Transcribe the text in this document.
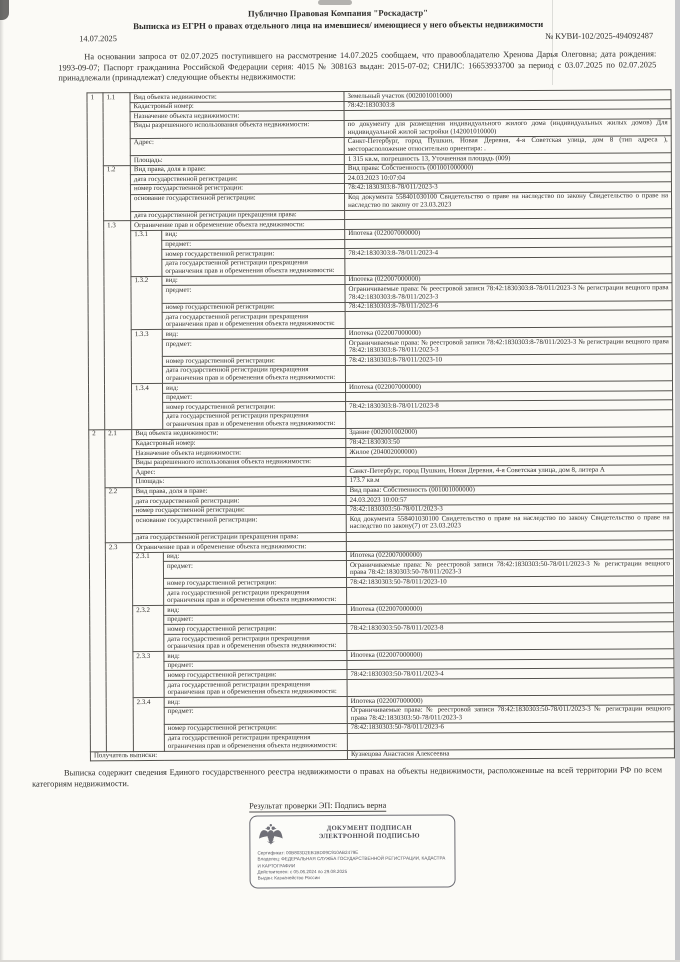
Публично Правовая Компания "Роскадастр"
Выписка из ЕГРН о правах отдельного лица на имевшиеся/ имеющиеся у него объекты недвижимости
14.07.2025	№ КУВИ-102/2025-494092487
На основании запроса от 02.07.2025 поступившего на рассмотрение 14.07.2025 сообщаем, что правообладателю Хренова Дарья Олеговна; дата рождения: 1993-09-07; Паспорт гражданина Российской Федерации серия: 4015 № 308163 выдан: 2015-07-02; СНИЛС: 16653933700 за период с 03.07.2025 по 02.07.2025 принадлежали (принадлежат) следующие объекты недвижимости:
1	1.1	Вид объекта недвижимости:		Земельный участок (002001001000)
		Кадастровый номер:		78:42:1830303:8
		Назначение объекта недвижимости:		
		Виды разрешенного использования объекта недвижимости:		по документу для размещения индивидуального жилого дома (индивидуальных жилых домов) Для индивидуальной жилой застройки (142001010000)
		Адрес:		Санкт-Петербург, город Пушкин, Новая Деревня, 4-я Советская улица, дом 8 (тип адреса ), месторасположение относительно ориентира: .
		Площадь:		1 315 кв.м, погрешность 13, Уточненная площадь (009)
	1.2	Вид права, доля в праве:		Вид права: Собственность (001001000000)
		дата государственной регистрации:		24.03.2023 10:07:04
		номер государственной регистрации:		78:42:1830303:8-78/011/2023-3
		основание государственной регистрации:		Код документа 558401030100 Свидетельство о праве на наследство по закону Свидетельство о праве на наследство по закону от 23.03.2023
		дата государственной регистрации прекращения права:		
	1.3	Ограничение прав и обременение объекта недвижимости:		
		1.3.1	вид:	Ипотека (022007000000)
			предмет:	
			номер государственной регистрации:	78:42:1830303:8-78/011/2023-4
			дата государственной регистрации прекращения ограничения прав и обременения объекта недвижимости:	
		1.3.2	вид:	Ипотека (022007000000)
			предмет:	Ограничиваемые права: № реестровой записи 78:42:1830303:8-78/011/2023-3 № регистрации вещного права 78:42:1830303:8-78/011/2023-3
			номер государственной регистрации:	78:42:1830303:8-78/011/2023-6
			дата государственной регистрации прекращения ограничения прав и обременения объекта недвижимости:	
		1.3.3	вид:	Ипотека (022007000000)
			предмет:	Ограничиваемые права: № реестровой записи 78:42:1830303:8-78/011/2023-3 № регистрации вещного права 78:42:1830303:8-78/011/2023-3
			номер государственной регистрации:	78:42:1830303:8-78/011/2023-10
			дата государственной регистрации прекращения ограничения прав и обременения объекта недвижимости:	
		1.3.4	вид:	Ипотека (022007000000)
			предмет:	
			номер государственной регистрации:	78:42:1830303:8-78/011/2023-8
			дата государственной регистрации прекращения ограничения прав и обременения объекта недвижимости:	
2	2.1	Вид объекта недвижимости:		Здание (002001002000)
		Кадастровый номер:		78:42:1830303:50
		Назначение объекта недвижимости:		Жилое (204002000000)
		Виды разрешенного использования объекта недвижимости:		
		Адрес:		Санкт-Петербург, город Пушкин, Новая Деревня, 4-я Советская улица, дом 8, литера А
		Площадь:		173.7 кв.м
	2.2	Вид права, доля в праве:		Вид права: Собственность (001001000000)
		дата государственной регистрации:		24.03.2023 10:00:57
		номер государственной регистрации:		78:42:1830303:50-78/011/2023-3
		основание государственной регистрации:		Код документа 558401030100 Свидетельство о праве на наследство по закону Свидетельство о праве на наследство по закону(7) от 23.03.2023
		дата государственной регистрации прекращения права:		
	2.3	Ограничение прав и обременение объекта недвижимости:		
		2.3.1	вид:	Ипотека (022007000000)
			предмет:	Ограничиваемые права: № реестровой записи 78:42:1830303:50-78/011/2023-3 № регистрации вещного права 78:42:1830303:50-78/011/2023-3
			номер государственной регистрации:	78:42:1830303:50-78/011/2023-10
			дата государственной регистрации прекращения ограничения прав и обременения объекта недвижимости:	
		2.3.2	вид:	Ипотека (022007000000)
			предмет:	
			номер государственной регистрации:	78:42:1830303:50-78/011/2023-8
			дата государственной регистрации прекращения ограничения прав и обременения объекта недвижимости:	
		2.3.3	вид:	Ипотека (022007000000)
			предмет:	
			номер государственной регистрации:	78:42:1830303:50-78/011/2023-4
			дата государственной регистрации прекращения ограничения прав и обременения объекта недвижимости:	
		2.3.4	вид:	Ипотека (022007000000)
			предмет:	Ограничиваемые права: № реестровой записи 78:42:1830303:50-78/011/2023-3 № регистрации вещного права 78:42:1830303:50-78/011/2023-3
			номер государственной регистрации:	78:42:1830303:50-78/011/2023-6
			дата государственной регистрации прекращения ограничения прав и обременения объекта недвижимости:	
Получатель выписки:				Кузнецова Анастасия Алексеевна
Выписка содержит сведения Единого государственного реестра недвижимости о правах на объекты недвижимости, расположенные на всей территории РФ по всем категориям недвижимости.
Результат проверки ЭП: Подпись верна
ДОКУМЕНТ ПОДПИСАН
ЭЛЕКТРОННОЙ ПОДПИСЬЮ
Сертификат: 00B803D2EB1BD09C910AB2479E
Владелец: ФЕДЕРАЛЬНАЯ СЛУЖБА ГОСУДАРСТВЕННОЙ РЕГИСТРАЦИИ, КАДАСТРА И КАРТОГРАФИИ
Действителен: с 05.06.2024 по 29.08.2025
Выдан: Казначейство России
